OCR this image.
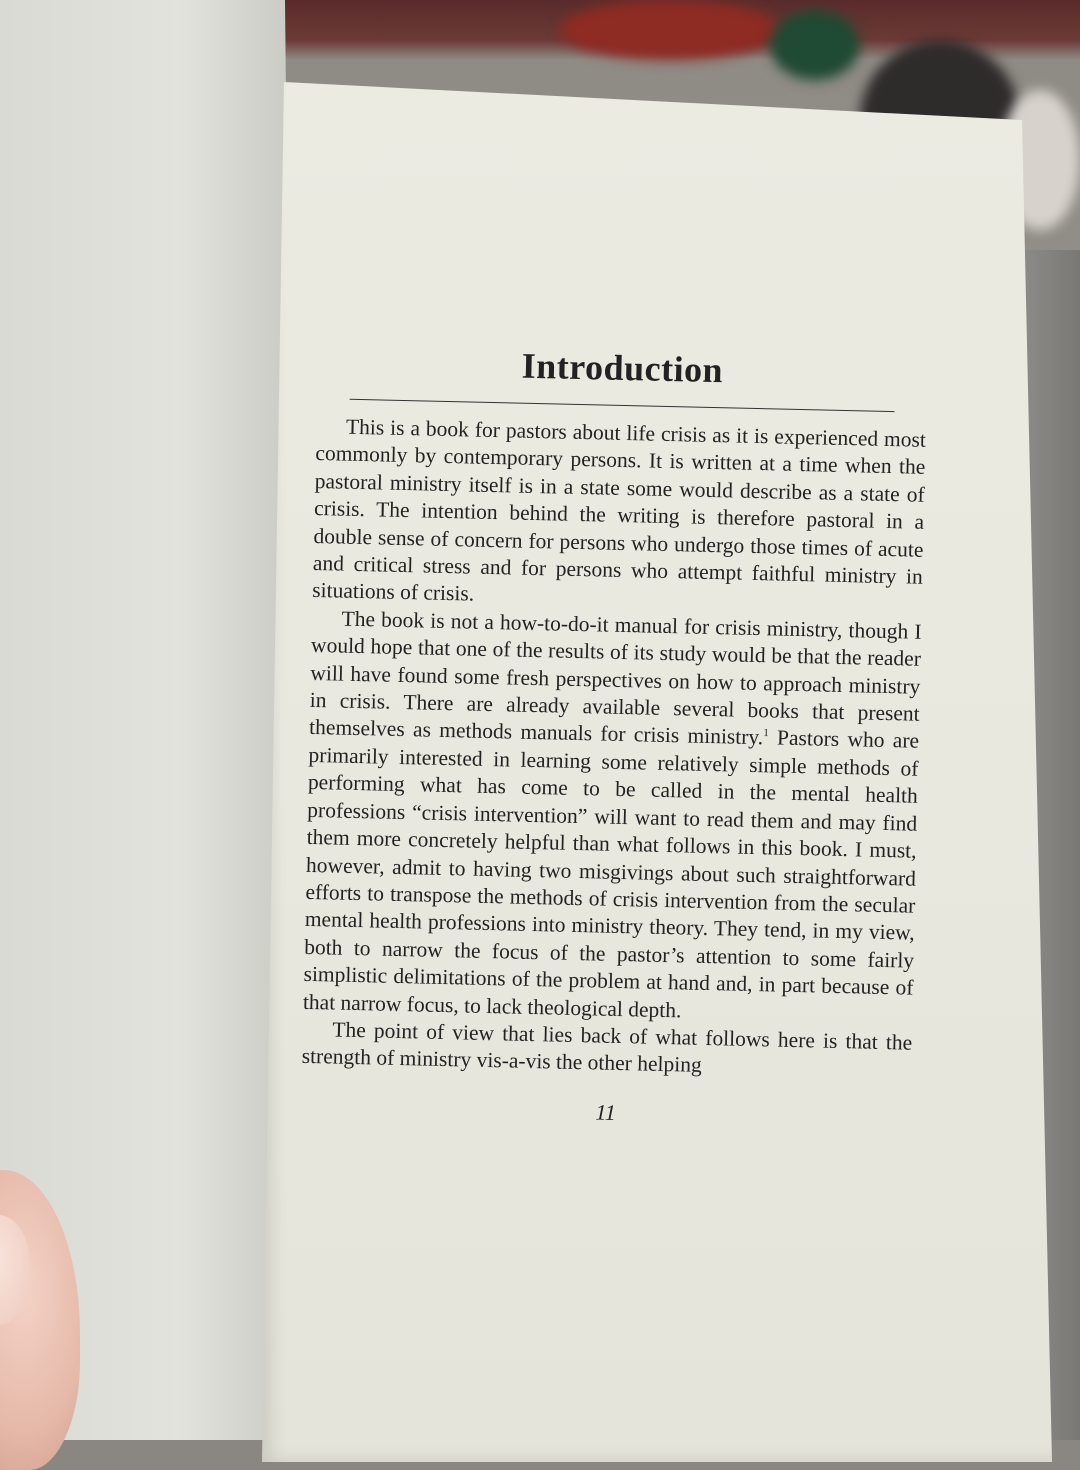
Introduction

This is a book for pastors about life crisis as it is experienced most commonly by contemporary persons. It is written at a time when the pastoral ministry itself is in a state some would describe as a state of crisis. The intention behind the writing is therefore pastoral in a double sense of concern for persons who undergo those times of acute and critical stress and for persons who attempt faithful ministry in situations of crisis.

The book is not a how-to-do-it manual for crisis ministry, though I would hope that one of the results of its study would be that the reader will have found some fresh perspectives on how to approach ministry in crisis. There are already available several books that present themselves as methods manuals for crisis ministry.$^1$ Pastors who are primarily interested in learning some relatively simple methods of performing what has come to be called in the mental health professions “crisis intervention” will want to read them and may find them more concretely helpful than what follows in this book. I must, however, admit to having two misgivings about such straightforward efforts to transpose the methods of crisis intervention from the secular mental health professions into ministry theory. They tend, in my view, both to narrow the focus of the pastor’s attention to some fairly simplistic delimitations of the problem at hand and, in part because of that narrow focus, to lack theological depth.

The point of view that lies back of what follows here is that the strength of ministry vis-a-vis the other helping

11
